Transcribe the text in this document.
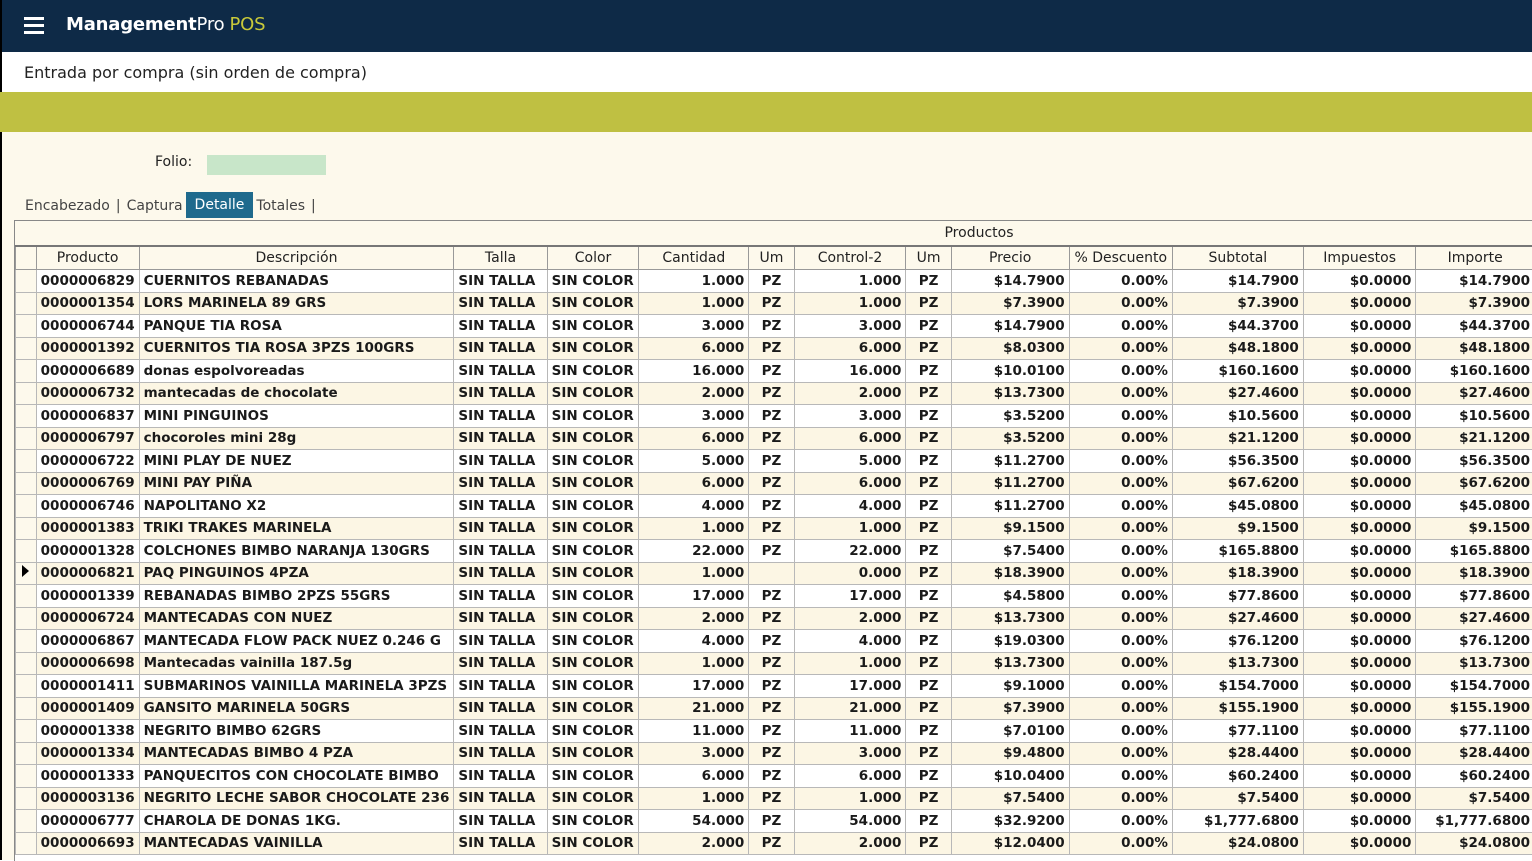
ManagementPro POS
Entrada por compra (sin orden de compra)
Folio:
Encabezado | Captura Detalle Totales |
Productos
	Producto	Descripción	Talla	Color	Cantidad	Um	Control-2	Um	Precio	% Descuento	Subtotal	Impuestos	Importe
	0000006829	CUERNITOS REBANADAS	SIN TALLA	SIN COLOR	1.000	PZ	1.000	PZ	$14.7900	0.00%	$14.7900	$0.0000	$14.7900
	0000001354	LORS MARINELA 89 GRS	SIN TALLA	SIN COLOR	1.000	PZ	1.000	PZ	$7.3900	0.00%	$7.3900	$0.0000	$7.3900
	0000006744	PANQUE TIA ROSA	SIN TALLA	SIN COLOR	3.000	PZ	3.000	PZ	$14.7900	0.00%	$44.3700	$0.0000	$44.3700
	0000001392	CUERNITOS TIA ROSA 3PZS 100GRS	SIN TALLA	SIN COLOR	6.000	PZ	6.000	PZ	$8.0300	0.00%	$48.1800	$0.0000	$48.1800
	0000006689	donas espolvoreadas	SIN TALLA	SIN COLOR	16.000	PZ	16.000	PZ	$10.0100	0.00%	$160.1600	$0.0000	$160.1600
	0000006732	mantecadas de chocolate	SIN TALLA	SIN COLOR	2.000	PZ	2.000	PZ	$13.7300	0.00%	$27.4600	$0.0000	$27.4600
	0000006837	MINI PINGUINOS	SIN TALLA	SIN COLOR	3.000	PZ	3.000	PZ	$3.5200	0.00%	$10.5600	$0.0000	$10.5600
	0000006797	chocoroles mini 28g	SIN TALLA	SIN COLOR	6.000	PZ	6.000	PZ	$3.5200	0.00%	$21.1200	$0.0000	$21.1200
	0000006722	MINI PLAY DE NUEZ	SIN TALLA	SIN COLOR	5.000	PZ	5.000	PZ	$11.2700	0.00%	$56.3500	$0.0000	$56.3500
	0000006769	MINI PAY PIÑA	SIN TALLA	SIN COLOR	6.000	PZ	6.000	PZ	$11.2700	0.00%	$67.6200	$0.0000	$67.6200
	0000006746	NAPOLITANO X2	SIN TALLA	SIN COLOR	4.000	PZ	4.000	PZ	$11.2700	0.00%	$45.0800	$0.0000	$45.0800
	0000001383	TRIKI TRAKES MARINELA	SIN TALLA	SIN COLOR	1.000	PZ	1.000	PZ	$9.1500	0.00%	$9.1500	$0.0000	$9.1500
	0000001328	COLCHONES BIMBO NARANJA 130GRS	SIN TALLA	SIN COLOR	22.000	PZ	22.000	PZ	$7.5400	0.00%	$165.8800	$0.0000	$165.8800
	0000006821	PAQ PINGUINOS 4PZA	SIN TALLA	SIN COLOR	1.000		0.000	PZ	$18.3900	0.00%	$18.3900	$0.0000	$18.3900
	0000001339	REBANADAS BIMBO 2PZS 55GRS	SIN TALLA	SIN COLOR	17.000	PZ	17.000	PZ	$4.5800	0.00%	$77.8600	$0.0000	$77.8600
	0000006724	MANTECADAS CON NUEZ	SIN TALLA	SIN COLOR	2.000	PZ	2.000	PZ	$13.7300	0.00%	$27.4600	$0.0000	$27.4600
	0000006867	MANTECADA FLOW PACK NUEZ 0.246 G	SIN TALLA	SIN COLOR	4.000	PZ	4.000	PZ	$19.0300	0.00%	$76.1200	$0.0000	$76.1200
	0000006698	Mantecadas vainilla 187.5g	SIN TALLA	SIN COLOR	1.000	PZ	1.000	PZ	$13.7300	0.00%	$13.7300	$0.0000	$13.7300
	0000001411	SUBMARINOS VAINILLA MARINELA 3PZS	SIN TALLA	SIN COLOR	17.000	PZ	17.000	PZ	$9.1000	0.00%	$154.7000	$0.0000	$154.7000
	0000001409	GANSITO MARINELA 50GRS	SIN TALLA	SIN COLOR	21.000	PZ	21.000	PZ	$7.3900	0.00%	$155.1900	$0.0000	$155.1900
	0000001338	NEGRITO BIMBO 62GRS	SIN TALLA	SIN COLOR	11.000	PZ	11.000	PZ	$7.0100	0.00%	$77.1100	$0.0000	$77.1100
	0000001334	MANTECADAS BIMBO 4 PZA	SIN TALLA	SIN COLOR	3.000	PZ	3.000	PZ	$9.4800	0.00%	$28.4400	$0.0000	$28.4400
	0000001333	PANQUECITOS CON CHOCOLATE BIMBO	SIN TALLA	SIN COLOR	6.000	PZ	6.000	PZ	$10.0400	0.00%	$60.2400	$0.0000	$60.2400
	0000003136	NEGRITO LECHE SABOR CHOCOLATE 236	SIN TALLA	SIN COLOR	1.000	PZ	1.000	PZ	$7.5400	0.00%	$7.5400	$0.0000	$7.5400
	0000006777	CHAROLA DE DONAS 1KG.	SIN TALLA	SIN COLOR	54.000	PZ	54.000	PZ	$32.9200	0.00%	$1,777.6800	$0.0000	$1,777.6800
	0000006693	MANTECADAS VAINILLA	SIN TALLA	SIN COLOR	2.000	PZ	2.000	PZ	$12.0400	0.00%	$24.0800	$0.0000	$24.0800
